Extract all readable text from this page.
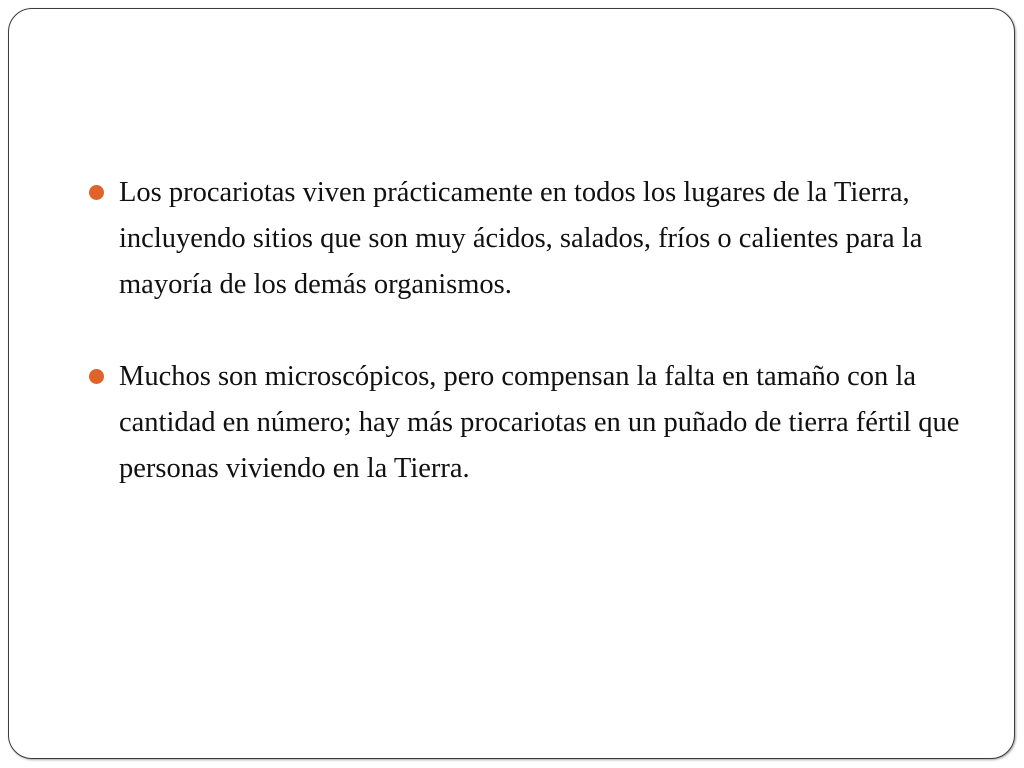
Los procariotas viven prácticamente en todos los lugares de la Tierra, incluyendo sitios que son muy ácidos, salados, fríos o calientes para la mayoría de los demás organismos.
Muchos son microscópicos, pero compensan la falta en tamaño con la cantidad en número; hay más procariotas en un puñado de tierra fértil que personas viviendo en la Tierra.
